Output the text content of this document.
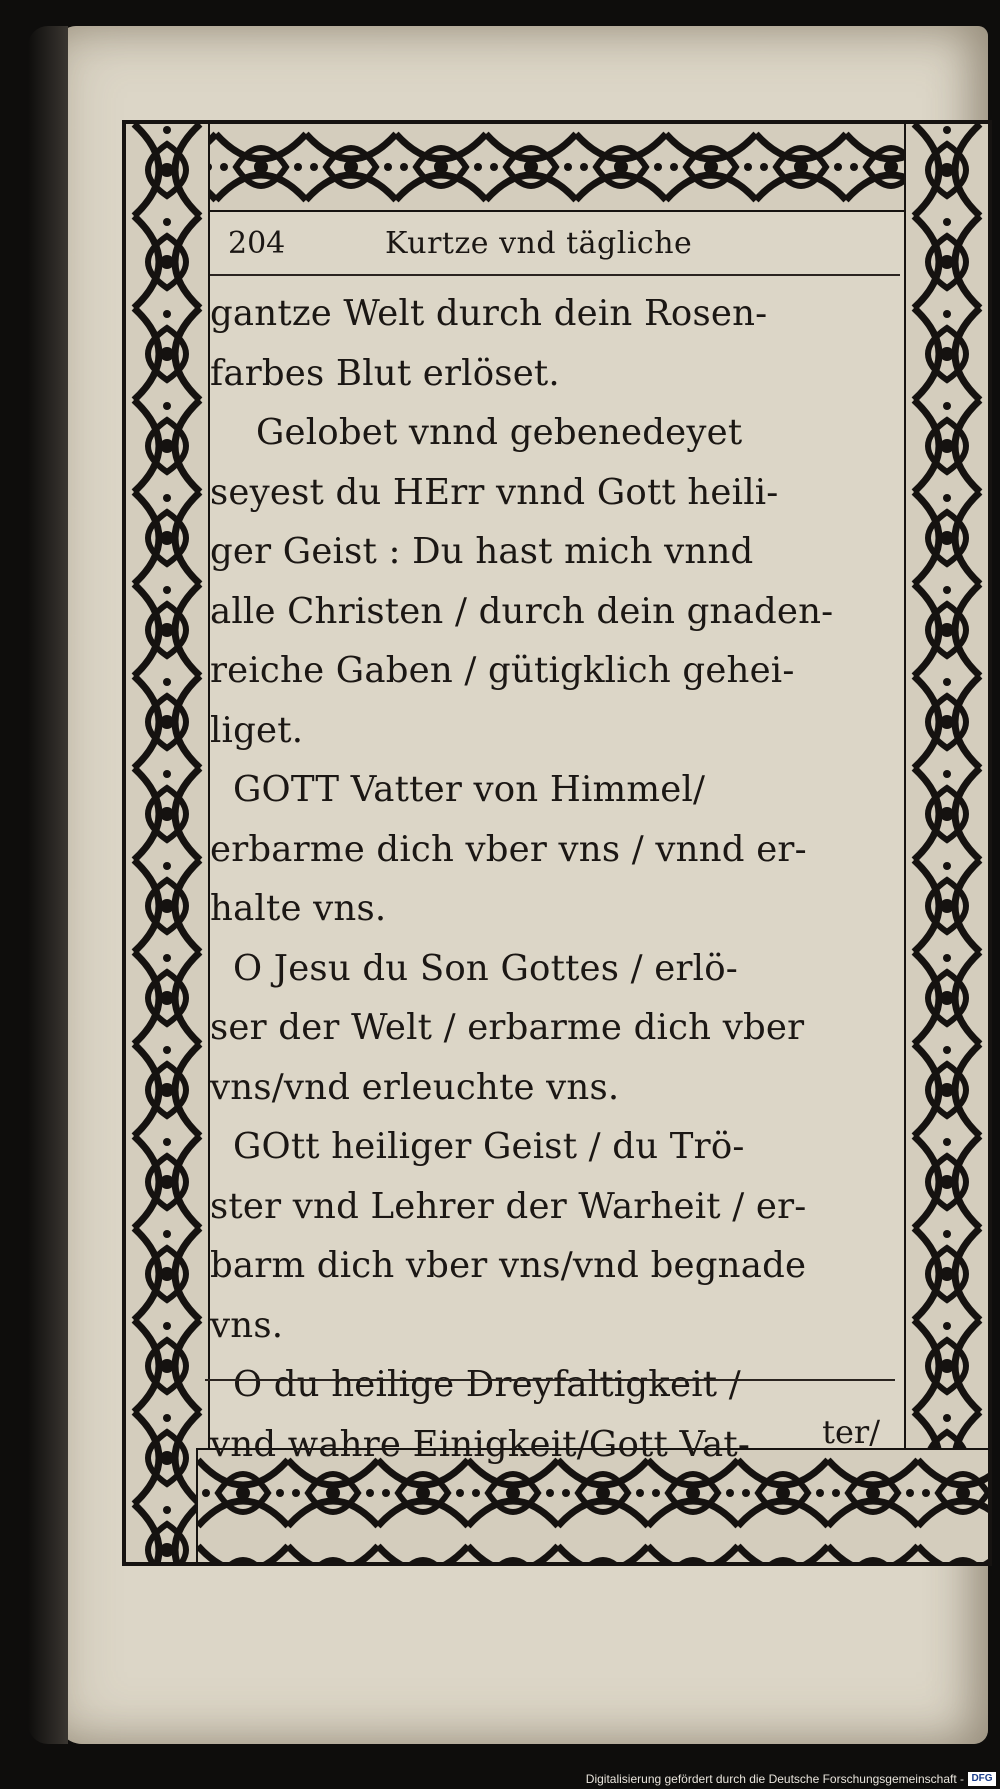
204	Kurtze vnd tägliche
gantze Welt durch dein Rosen-
farbes Blut erlöset.
Gelobet vnnd gebenedeyet
seyest du HErr vnnd Gott heili-
ger Geist : Du hast mich vnnd
alle Christen / durch dein gnaden-
reiche Gaben / gütigklich gehei-
liget.
GOTT Vatter von Himmel/
erbarme dich vber vns / vnnd er-
halte vns.
O Jesu du Son Gottes / erlö-
ser der Welt / erbarme dich vber
vns/vnd erleuchte vns.
GOtt heiliger Geist / du Trö-
ster vnd Lehrer der Warheit / er-
barm dich vber vns/vnd begnade
vns.
O du heilige Dreyfaltigkeit /
vnd wahre Einigkeit/Gott Vat-	ter/
Digitalisierung gefördert durch die Deutsche Forschungsgemeinschaft - DFG
